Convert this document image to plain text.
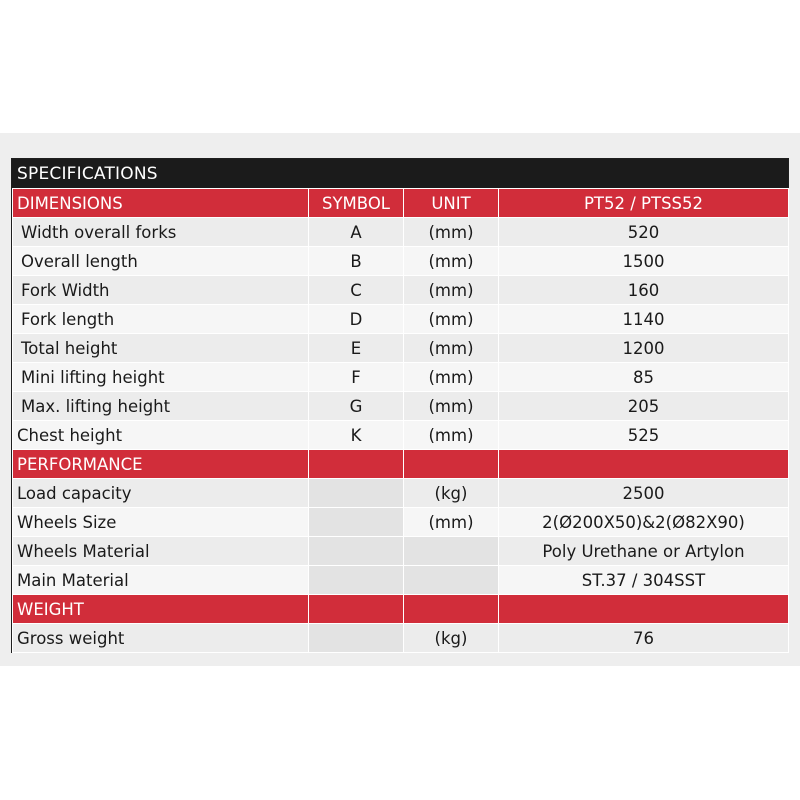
SPECIFICATIONS
DIMENSIONS	SYMBOL	UNIT	PT52 / PTSS52
Width overall forks	A	(mm)	520
Overall length	B	(mm)	1500
Fork Width	C	(mm)	160
Fork length	D	(mm)	1140
Total height	E	(mm)	1200
Mini lifting height	F	(mm)	85
Max. lifting height	G	(mm)	205
Chest height	K	(mm)	525
PERFORMANCE			
Load capacity		(kg)	2500
Wheels Size		(mm)	2(Ø200X50)&2(Ø82X90)
Wheels Material			Poly Urethane or Artylon
Main Material			ST.37 / 304SST
WEIGHT			
Gross weight		(kg)	76
